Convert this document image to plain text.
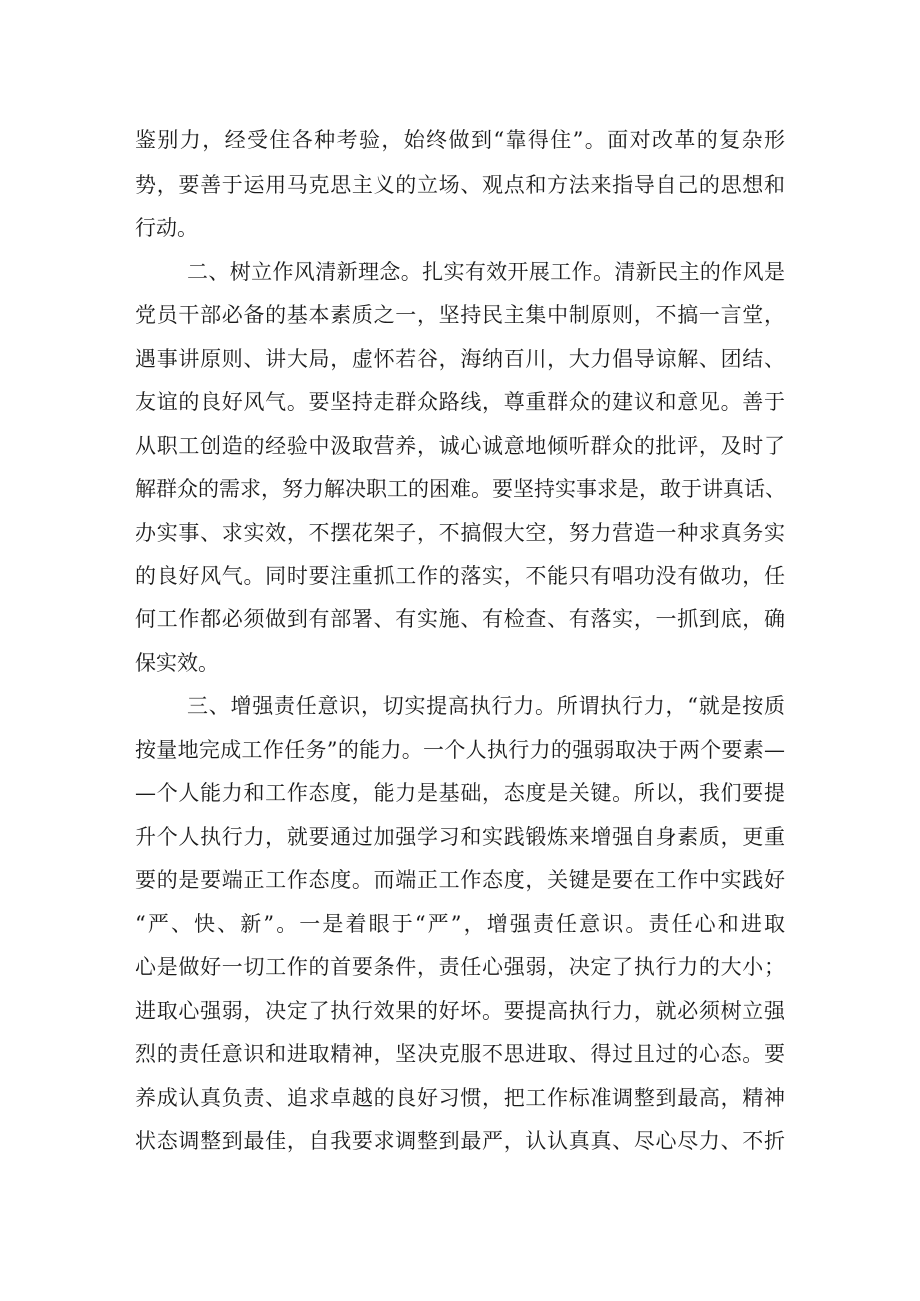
鉴别力，经受住各种考验，始终做到“靠得住”。面对改革的复杂形
势，要善于运用马克思主义的立场、观点和方法来指导自己的思想和
行动。
二、树立作风清新理念。扎实有效开展工作。清新民主的作风是
党员干部必备的基本素质之一，坚持民主集中制原则，不搞一言堂，
遇事讲原则、讲大局，虚怀若谷，海纳百川，大力倡导谅解、团结、
友谊的良好风气。要坚持走群众路线，尊重群众的建议和意见。善于
从职工创造的经验中汲取营养，诚心诚意地倾听群众的批评，及时了
解群众的需求，努力解决职工的困难。要坚持实事求是，敢于讲真话、
办实事、求实效，不摆花架子，不搞假大空，努力营造一种求真务实
的良好风气。同时要注重抓工作的落实，不能只有唱功没有做功，任
何工作都必须做到有部署、有实施、有检查、有落实，一抓到底，确
保实效。
三、增强责任意识，切实提高执行力。所谓执行力，“就是按质
按量地完成工作任务”的能力。一个人执行力的强弱取决于两个要素—
—个人能力和工作态度，能力是基础，态度是关键。所以，我们要提
升个人执行力，就要通过加强学习和实践锻炼来增强自身素质，更重
要的是要端正工作态度。而端正工作态度，关键是要在工作中实践好
“严、快、新”。一是着眼于“严”，增强责任意识。责任心和进取
心是做好一切工作的首要条件，责任心强弱，决定了执行力的大小；
进取心强弱，决定了执行效果的好坏。要提高执行力，就必须树立强
烈的责任意识和进取精神，坚决克服不思进取、得过且过的心态。要
养成认真负责、追求卓越的良好习惯，把工作标准调整到最高，精神
状态调整到最佳，自我要求调整到最严，认认真真、尽心尽力、不折
